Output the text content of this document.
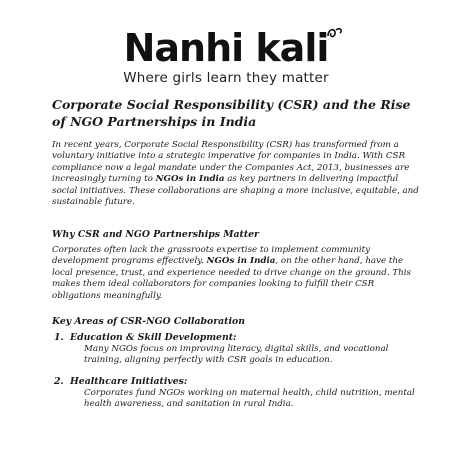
Nanhi kali
Where girls learn they matter
Corporate Social Responsibility (CSR) and the Rise of NGO Partnerships in India

In recent years, Corporate Social Responsibility (CSR) has transformed from a voluntary initiative into a strategic imperative for companies in India. With CSR compliance now a legal mandate under the Companies Act, 2013, businesses are increasingly turning to NGOs in India as key partners in delivering impactful social initiatives. These collaborations are shaping a more inclusive, equitable, and sustainable future.

Why CSR and NGO Partnerships Matter

Corporates often lack the grassroots expertise to implement community development programs effectively. NGOs in India, on the other hand, have the local presence, trust, and experience needed to drive change on the ground. This makes them ideal collaborators for companies looking to fulfill their CSR obligations meaningfully.

Key Areas of CSR-NGO Collaboration
1. Education & Skill Development:
Many NGOs focus on improving literacy, digital skills, and vocational training, aligning perfectly with CSR goals in education.
2. Healthcare Initiatives:
Corporates fund NGOs working on maternal health, child nutrition, mental health awareness, and sanitation in rural India.
